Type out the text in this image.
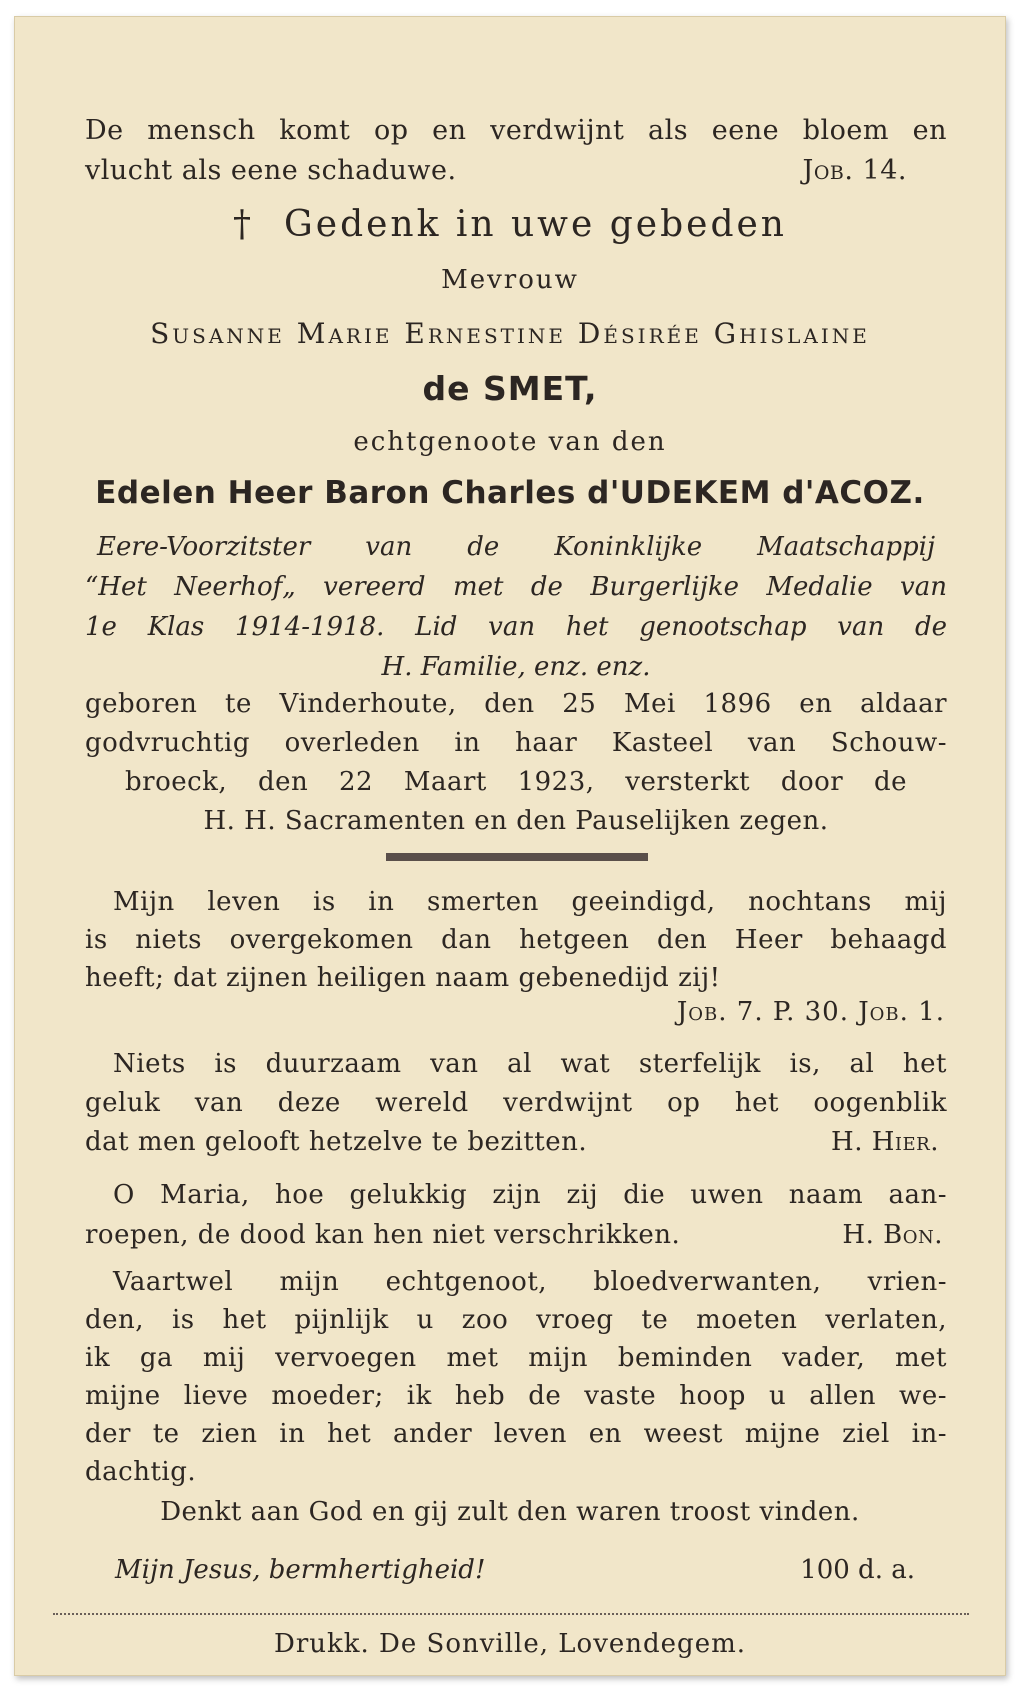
De mensch komt op en verdwijnt als eene bloem en
vlucht als eene schaduwe.	Job. 14.
† Gedenk in uwe gebeden
Mevrouw
Susanne Marie Ernestine Désirée Ghislaine
de SMET,
echtgenoote van den
Edelen Heer Baron Charles d'UDEKEM d'ACOZ.
Eere-Voorzitster van de Koninklijke Maatschappij
“Het Neerhof„ vereerd met de Burgerlijke Medalie van
1e Klas 1914-1918. Lid van het genootschap van de
H. Familie, enz. enz.
geboren te Vinderhoute, den 25 Mei 1896 en aldaar
godvruchtig overleden in haar Kasteel van Schouw-
broeck, den 22 Maart 1923, versterkt door de
H. H. Sacramenten en den Pauselijken zegen.
Mijn leven is in smerten geeindigd, nochtans mij
is niets overgekomen dan hetgeen den Heer behaagd
heeft; dat zijnen heiligen naam gebenedijd zij!
Job. 7. P. 30. Job. 1.
Niets is duurzaam van al wat sterfelijk is, al het
geluk van deze wereld verdwijnt op het oogenblik
dat men gelooft hetzelve te bezitten.	H. Hier.
O Maria, hoe gelukkig zijn zij die uwen naam aan-
roepen, de dood kan hen niet verschrikken.	H. Bon.
Vaartwel mijn echtgenoot, bloedverwanten, vrien-
den, is het pijnlijk u zoo vroeg te moeten verlaten,
ik ga mij vervoegen met mijn beminden vader, met
mijne lieve moeder; ik heb de vaste hoop u allen we-
der te zien in het ander leven en weest mijne ziel in-
dachtig.
Denkt aan God en gij zult den waren troost vinden.
Mijn Jesus, bermhertigheid!	100 d. a.
Drukk. De Sonville, Lovendegem.
